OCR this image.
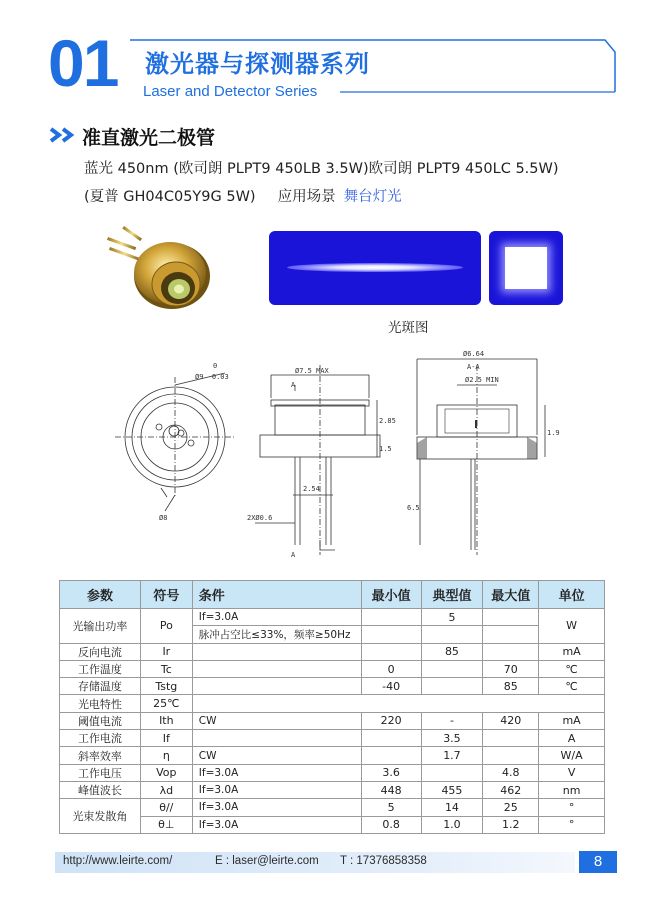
01 激光器与探测器系列
Laser and Detector Series
准直激光二极管
蓝光 450nm (欧司朗 PLPT9 450LB 3.5W)欧司朗 PLPT9 450LC 5.5W)
(夏普 GH04C05Y9G 5W) 应用场景 舞台灯光
光斑图
0
Ø9 -0.03
Ø7.5 MAX
A
2.85
1.5
2.54
2XØ0.6
Ø8
A
Ø6.64
A-A
Ø2.5 MIN
1.9
6.5
参数	符号	条件	最小值	典型值	最大值	单位
光输出功率	Po	If=3.0A		5		W
		脉冲占空比≤33%，频率≥50Hz				
反向电流	Ir			85		mA
工作温度	Tc		0		70	℃
存储温度	Tstg		-40		85	℃
光电特性	25℃					
阈值电流	Ith	CW	220	-	420	mA
工作电流	If			3.5		A
斜率效率	η	CW		1.7		W/A
工作电压	Vop	If=3.0A	3.6		4.8	V
峰值波长	λd	If=3.0A	448	455	462	nm
光束发散角	θ//	If=3.0A	5	14	25	°
	θ⊥	If=3.0A	0.8	1.0	1.2	°
http://www.leirte.com/	E : laser@leirte.com T : 17376858358	8
